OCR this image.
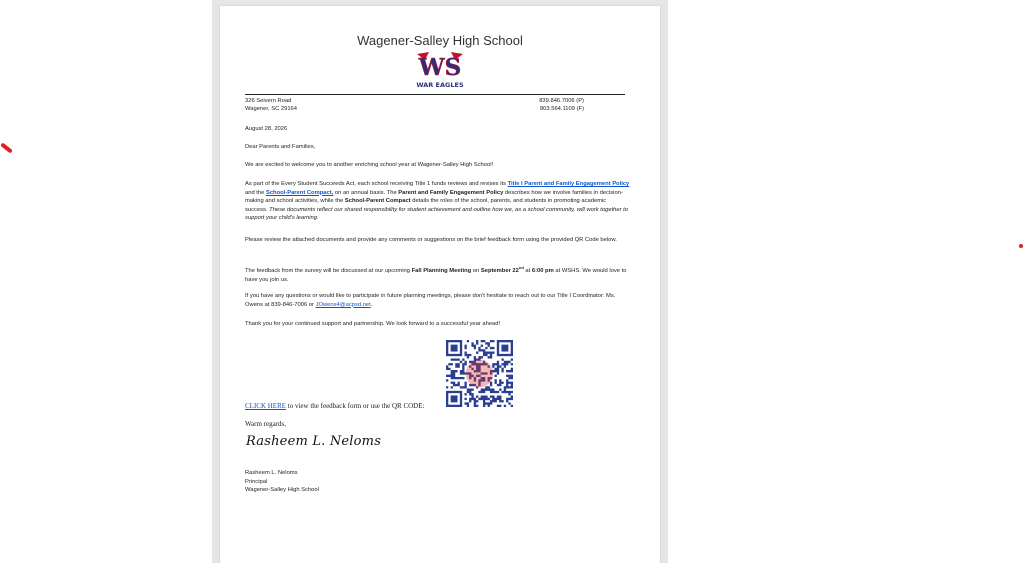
Wagener-Salley High School
WS
WAR EAGLES
326 Seivern Road
Wagener, SC 29164
839.846.7006 (P)
803.564.1109 (F)
August 28, 2026
Dear Parents and Families,
We are excited to welcome you to another enriching school year at Wagener-Salley High School!
As part of the Every Student Succeeds Act, each school receiving Title 1 funds reviews and revises its Title I Parent and Family Engagement Policy and the School-Parent Compact, on an annual basis. The Parent and Family Engagement Policy describes how we involve families in decision-making and school activities, while the School-Parent Compact details the roles of the school, parents, and students in promoting academic success. These documents reflect our shared responsibility for student achievement and outline how we, as a school community, will work together to support your child's learning.
Please review the attached documents and provide any comments or suggestions on the brief feedback form using the provided QR Code below.
The feedback from the survey will be discussed at our upcoming Fall Planning Meeting on September 22nd at 6:00 pm at WSHS. We would love to have you join us.
If you have any questions or would like to participate in future planning meetings, please don't hesitate to reach out to our Title I Coordinator: Ms. Owens at 839-846-7006 or JOwens4@acpsd.net.
Thank you for your continued support and partnership. We look forward to a successful year ahead!
CLICK HERE to view the feedback form or use the QR CODE:
Warm regards,
Rasheem L. Neloms
Rasheem L. Neloms
Principal
Wagener-Salley High School
